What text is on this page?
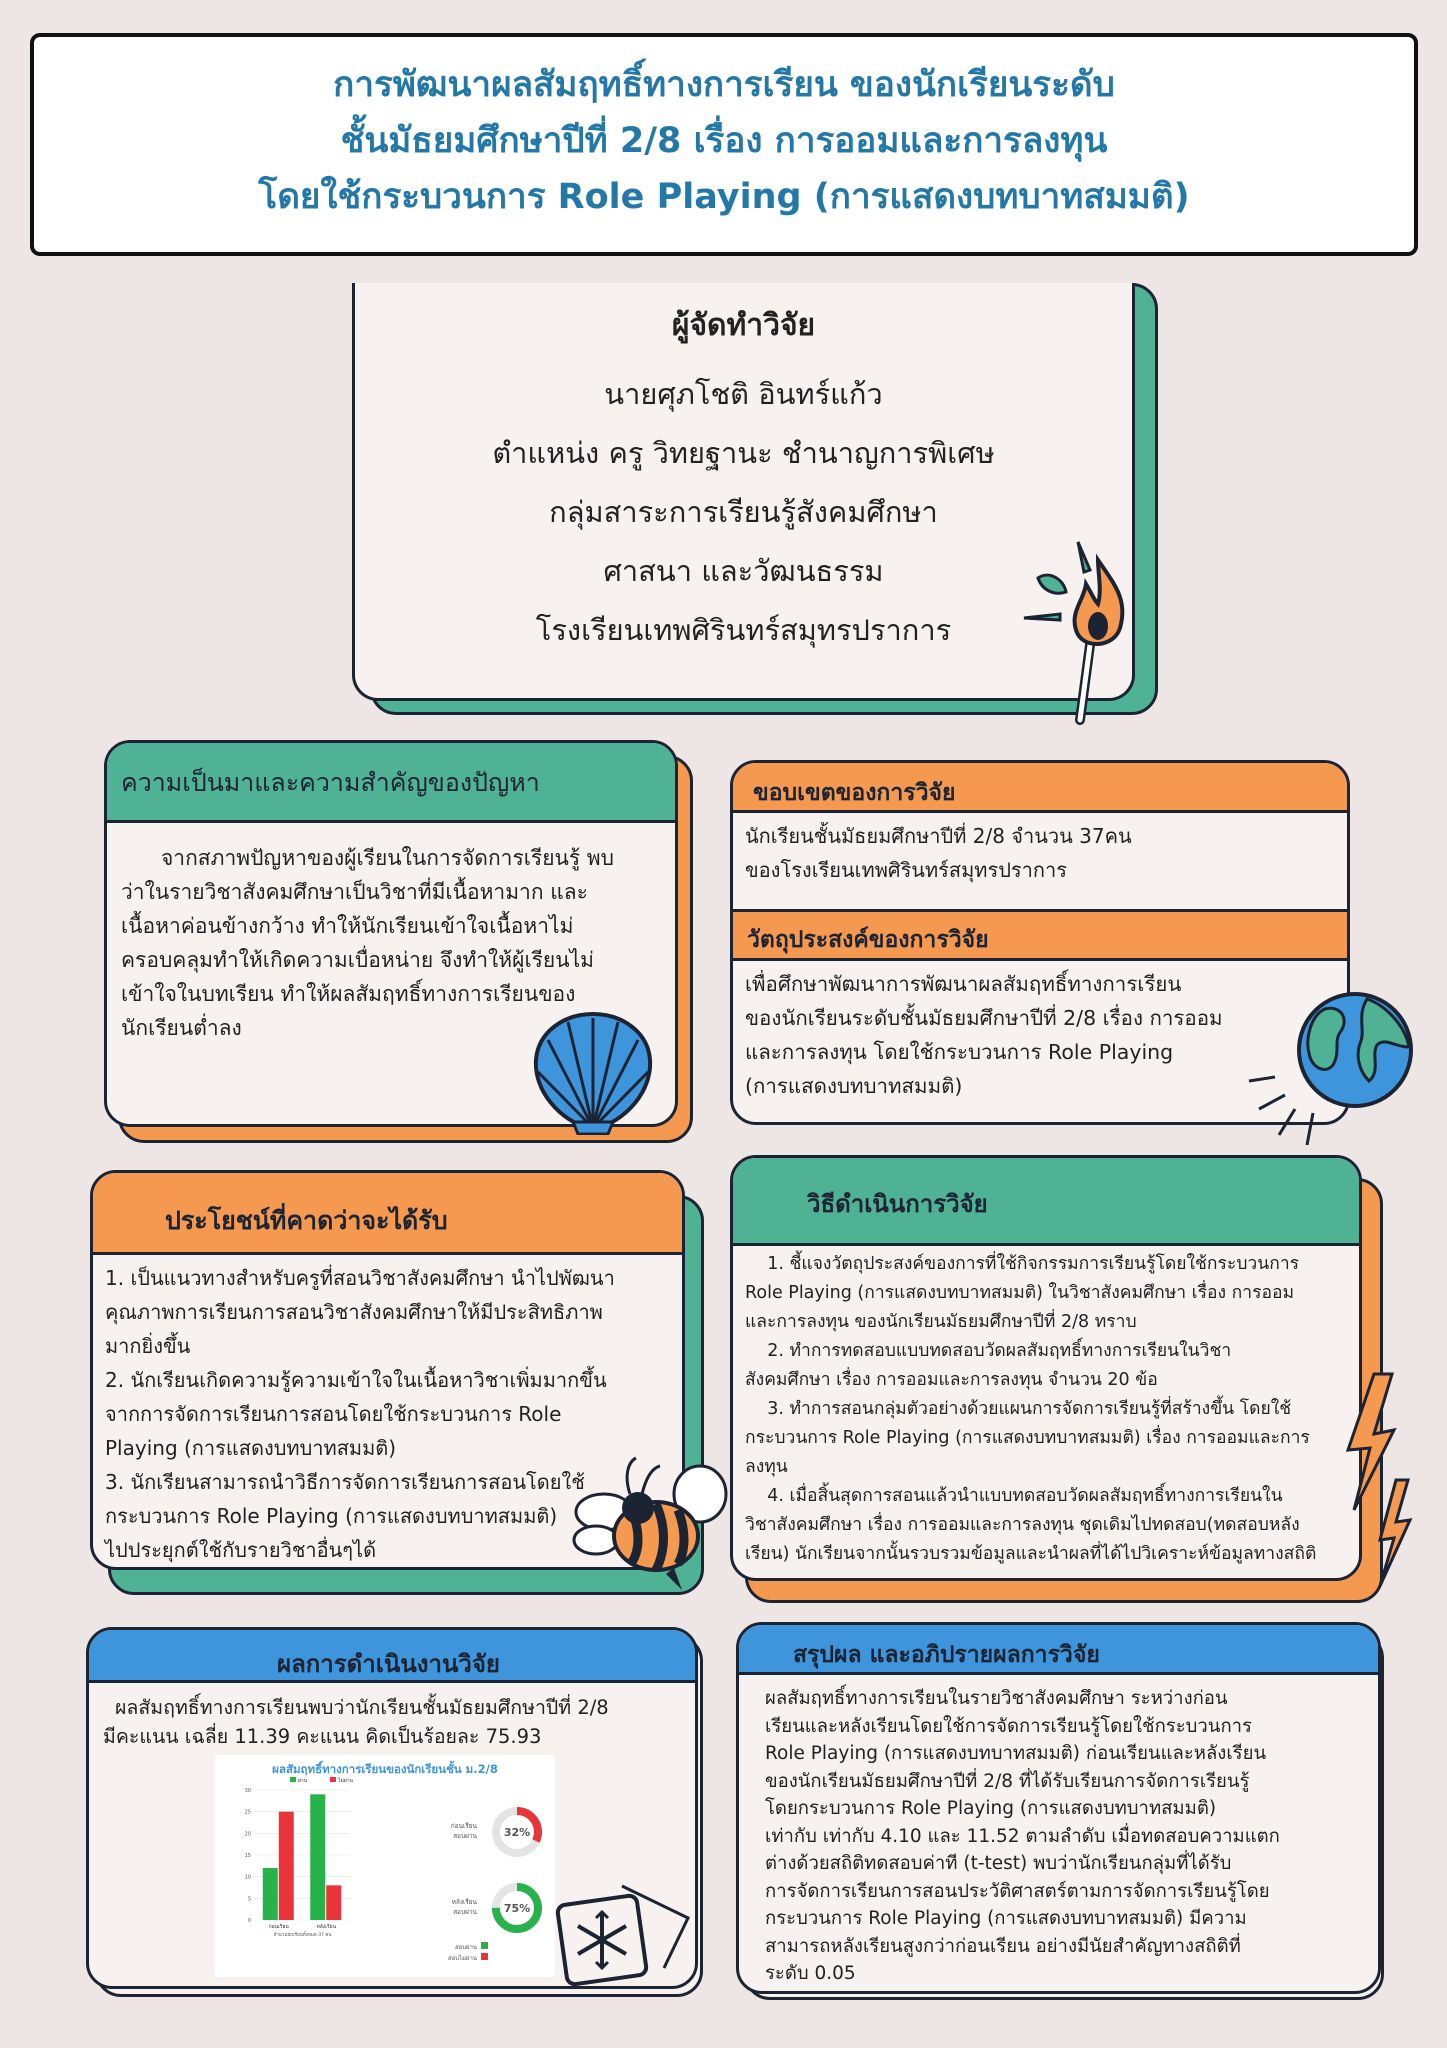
การพัฒนาผลสัมฤทธิ์ทางการเรียน ของนักเรียนระดับ

ชั้นมัธยมศึกษาปีที่ 2/8 เรื่อง การออมและการลงทุน

โดยใช้กระบวนการ Role Playing (การแสดงบทบาทสมมติ)

ผู้จัดทำวิจัย

นายศุภโชติ อินทร์แก้ว

ตำแหน่ง ครู วิทยฐานะ ชำนาญการพิเศษ

กลุ่มสาระการเรียนรู้สังคมศึกษา

ศาสนา และวัฒนธรรม

โรงเรียนเทพศิรินทร์สมุทรปราการ

ความเป็นมาและความสำคัญของปัญหา

จากสภาพปัญหาของผู้เรียนในการจัดการเรียนรู้ พบ

ว่าในรายวิชาสังคมศึกษาเป็นวิชาที่มีเนื้อหามาก และ

เนื้อหาค่อนข้างกว้าง ทำให้นักเรียนเข้าใจเนื้อหาไม่

ครอบคลุมทำให้เกิดความเบื่อหน่าย จึงทำให้ผู้เรียนไม่

เข้าใจในบทเรียน ทำให้ผลสัมฤทธิ์ทางการเรียนของ

นักเรียนต่ำลง

ขอบเขตของการวิจัย

นักเรียนชั้นมัธยมศึกษาปีที่ 2/8 จำนวน 37คน

ของโรงเรียนเทพศิรินทร์สมุทรปราการ

วัตถุประสงค์ของการวิจัย

เพื่อศึกษาพัฒนาการพัฒนาผลสัมฤทธิ์ทางการเรียน

ของนักเรียนระดับชั้นมัธยมศึกษาปีที่ 2/8 เรื่อง การออม

และการลงทุน โดยใช้กระบวนการ Role Playing

(การแสดงบทบาทสมมติ)

ประโยชน์ที่คาดว่าจะได้รับ

1. เป็นแนวทางสำหรับครูที่สอนวิชาสังคมศึกษา นำไปพัฒนา

คุณภาพการเรียนการสอนวิชาสังคมศึกษาให้มีประสิทธิภาพ

มากยิ่งขึ้น

2. นักเรียนเกิดความรู้ความเข้าใจในเนื้อหาวิชาเพิ่มมากขึ้น

จากการจัดการเรียนการสอนโดยใช้กระบวนการ Role

Playing (การแสดงบทบาทสมมติ)

3. นักเรียนสามารถนำวิธีการจัดการเรียนการสอนโดยใช้

กระบวนการ Role Playing (การแสดงบทบาทสมมติ)

ไปประยุกต์ใช้กับรายวิชาอื่นๆได้

วิธีดำเนินการวิจัย

1. ชี้แจงวัตถุประสงค์ของการที่ใช้กิจกรรมการเรียนรู้โดยใช้กระบวนการ

Role Playing (การแสดงบทบาทสมมติ) ในวิชาสังคมศึกษา เรื่อง การออม

และการลงทุน ของนักเรียนมัธยมศึกษาปีที่ 2/8 ทราบ

2. ทำการทดสอบแบบทดสอบวัดผลสัมฤทธิ์ทางการเรียนในวิชา

สังคมศึกษา เรื่อง การออมและการลงทุน จำนวน 20 ข้อ

3. ทำการสอนกลุ่มตัวอย่างด้วยแผนการจัดการเรียนรู้ที่สร้างขึ้น โดยใช้

กระบวนการ Role Playing (การแสดงบทบาทสมมติ) เรื่อง การออมและการ

ลงทุน

4. เมื่อสิ้นสุดการสอนแล้วนำแบบทดสอบวัดผลสัมฤทธิ์ทางการเรียนใน

วิชาสังคมศึกษา เรื่อง การออมและการลงทุน ชุดเดิมไปทดสอบ(ทดสอบหลัง

เรียน) นักเรียนจากนั้นรวบรวมข้อมูลและนำผลที่ได้ไปวิเคราะห์ข้อมูลทางสถิติ

ผลการดำเนินงานวิจัย

ผลสัมฤทธิ์ทางการเรียนพบว่านักเรียนชั้นมัธยมศึกษาปีที่ 2/8

มีคะแนน เฉลี่ย 11.39 คะแนน คิดเป็นร้อยละ 75.93

ผลสัมฤทธิ์ทางการเรียนของนักเรียนชั้น ม.2/8

ผ่าน	ไม่ผ่าน
0
5
10
15
20
25
30
ก่อนเรียน	หลังเรียน
จำนวนนักเรียนทั้งหมด 37 คน
32%
ก่อนเรียน
สอบผ่าน
75%
หลังเรียน
สอบผ่าน
สอบผ่าน
สอบไม่ผ่าน
สรุปผล และอภิปรายผลการวิจัย

ผลสัมฤทธิ์ทางการเรียนในรายวิชาสังคมศึกษา ระหว่างก่อน

เรียนและหลังเรียนโดยใช้การจัดการเรียนรู้โดยใช้กระบวนการ

Role Playing (การแสดงบทบาทสมมติ) ก่อนเรียนและหลังเรียน

ของนักเรียนมัธยมศึกษาปีที่ 2/8 ที่ได้รับเรียนการจัดการเรียนรู้

โดยกระบวนการ Role Playing (การแสดงบทบาทสมมติ)

เท่ากับ เท่ากับ 4.10 และ 11.52 ตามลำดับ เมื่อทดสอบความแตก

ต่างด้วยสถิติทดสอบค่าที (t-test) พบว่านักเรียนกลุ่มที่ได้รับ

การจัดการเรียนการสอนประวัติศาสตร์ตามการจัดการเรียนรู้โดย

กระบวนการ Role Playing (การแสดงบทบาทสมมติ) มีความ

สามารถหลังเรียนสูงกว่าก่อนเรียน อย่างมีนัยสำคัญทางสถิติที่

ระดับ 0.05
